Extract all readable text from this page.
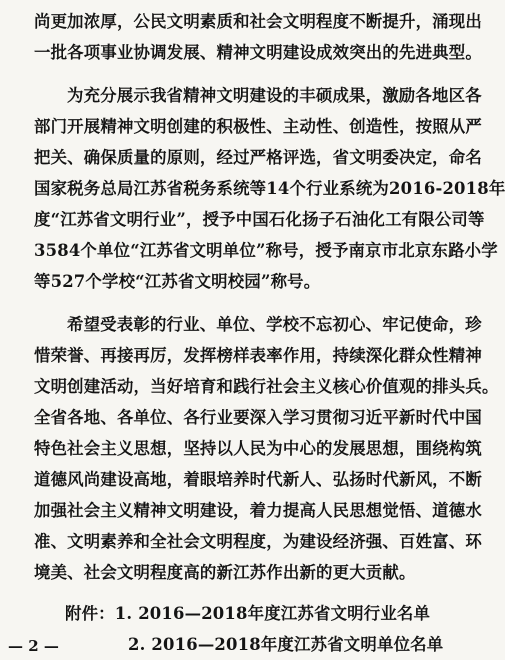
尚更加浓厚，公民文明素质和社会文明程度不断提升，涌现出
一批各项事业协调发展、精神文明建设成效突出的先进典型。
为充分展示我省精神文明建设的丰硕成果，激励各地区各
部门开展精神文明创建的积极性、主动性、创造性，按照从严
把关、确保质量的原则，经过严格评选，省文明委决定，命名
国家税务总局江苏省税务系统等14个行业系统为2016-2018年
度“江苏省文明行业”，授予中国石化扬子石油化工有限公司等
3584个单位“江苏省文明单位”称号，授予南京市北京东路小学
等527个学校“江苏省文明校园”称号。
希望受表彰的行业、单位、学校不忘初心、牢记使命，珍
惜荣誉、再接再厉，发挥榜样表率作用，持续深化群众性精神
文明创建活动，当好培育和践行社会主义核心价值观的排头兵。
全省各地、各单位、各行业要深入学习贯彻习近平新时代中国
特色社会主义思想，坚持以人民为中心的发展思想，围绕构筑
道德风尚建设高地，着眼培养时代新人、弘扬时代新风，不断
加强社会主义精神文明建设，着力提高人民思想觉悟、道德水
准、文明素养和全社会文明程度，为建设经济强、百姓富、环
境美、社会文明程度高的新江苏作出新的更大贡献。
附件：1. 2016—2018年度江苏省文明行业名单
2. 2016—2018年度江苏省文明单位名单
— 2 —
